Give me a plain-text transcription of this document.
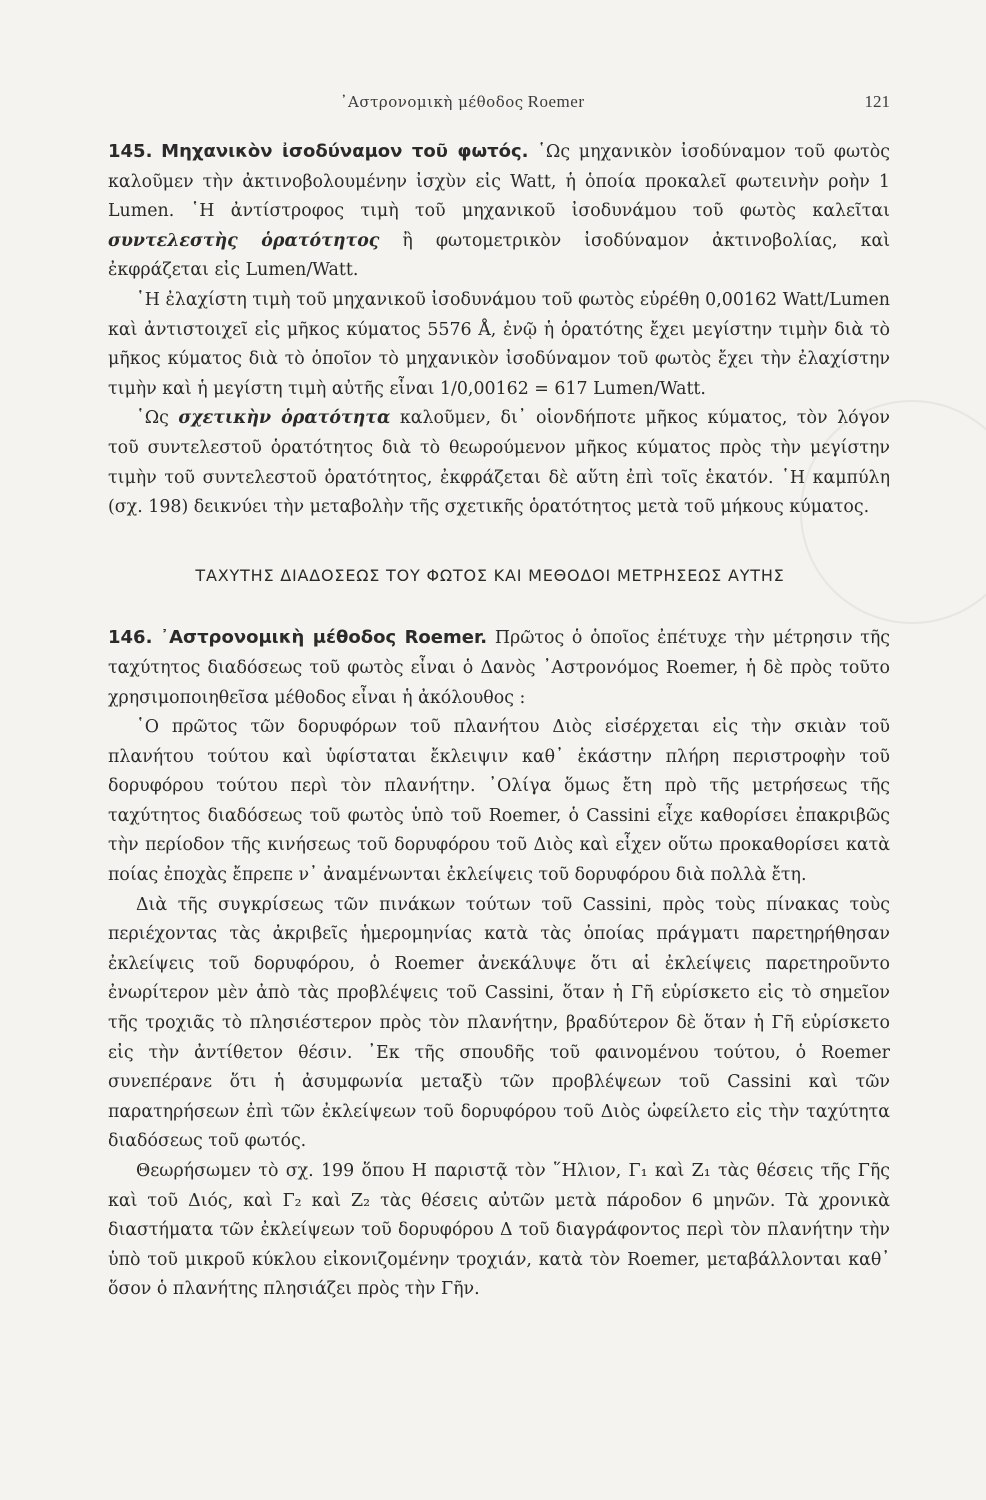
᾽Αστρονομικὴ μέθοδος Roemer	121

145. Μηχανικὸν ἰσοδύναμον τοῦ φωτός. ῾Ως μηχανικὸν ἰσοδύναμον τοῦ φωτὸς καλοῦμεν τὴν ἀκτινοβολουμένην ἰσχὺν εἰς Watt, ἡ ὁποία προκαλεῖ φωτεινὴν ροὴν 1 Lumen. ῾Η ἀντίστροφος τιμὴ τοῦ μηχανικοῦ ἰσοδυνάμου τοῦ φωτὸς καλεῖται συντελεστὴς ὁρατότητος ἢ φωτομετρικὸν ἰσοδύναμον ἀκτινοβολίας, καὶ ἐκφράζεται εἰς Lumen/Watt.

῾Η ἐλαχίστη τιμὴ τοῦ μηχανικοῦ ἰσοδυνάμου τοῦ φωτὸς εὑρέθη 0,00162 Watt/Lumen καὶ ἀντιστοιχεῖ εἰς μῆκος κύματος 5576 Å, ἐνῷ ἡ ὁρατότης ἔχει μεγίστην τιμὴν διὰ τὸ μῆκος κύματος διὰ τὸ ὁποῖον τὸ μηχανικὸν ἰσοδύναμον τοῦ φωτὸς ἔχει τὴν ἐλαχίστην τιμὴν καὶ ἡ μεγίστη τιμὴ αὐτῆς εἶναι 1/0,00162 = 617 Lumen/Watt.

῾Ως σχετικὴν ὁρατότητα καλοῦμεν, δι᾽ οἱονδήποτε μῆκος κύματος, τὸν λόγον τοῦ συντελεστοῦ ὁρατότητος διὰ τὸ θεωρούμενον μῆκος κύματος πρὸς τὴν μεγίστην τιμὴν τοῦ συντελεστοῦ ὁρατότητος, ἐκφράζεται δὲ αὕτη ἐπὶ τοῖς ἑκατόν. ῾Η καμπύλη (σχ. 198) δεικνύει τὴν μεταβολὴν τῆς σχετικῆς ὁρατότητος μετὰ τοῦ μήκους κύματος.

ΤΑΧΥΤΗΣ ΔΙΑΔΟΣΕΩΣ ΤΟΥ ΦΩΤΟΣ ΚΑΙ ΜΕΘΟΔΟΙ ΜΕΤΡΗΣΕΩΣ ΑΥΤΗΣ

146. ᾽Αστρονομικὴ μέθοδος Roemer. Πρῶτος ὁ ὁποῖος ἐπέτυχε τὴν μέτρησιν τῆς ταχύτητος διαδόσεως τοῦ φωτὸς εἶναι ὁ Δανὸς ᾽Αστρονόμος Roemer, ἡ δὲ πρὸς τοῦτο χρησιμοποιηθεῖσα μέθοδος εἶναι ἡ ἀκόλουθος :

῾Ο πρῶτος τῶν δορυφόρων τοῦ πλανήτου Διὸς εἰσέρχεται εἰς τὴν σκιὰν τοῦ πλανήτου τούτου καὶ ὑφίσταται ἔκλειψιν καθ᾽ ἑκάστην πλήρη περιστροφὴν τοῦ δορυφόρου τούτου περὶ τὸν πλανήτην. ᾽Ολίγα ὅμως ἔτη πρὸ τῆς μετρήσεως τῆς ταχύτητος διαδόσεως τοῦ φωτὸς ὑπὸ τοῦ Roemer, ὁ Cassini εἶχε καθορίσει ἐπακριβῶς τὴν περίοδον τῆς κινήσεως τοῦ δορυφόρου τοῦ Διὸς καὶ εἶχεν οὕτω προκαθορίσει κατὰ ποίας ἐποχὰς ἔπρεπε ν᾽ ἀναμένωνται ἐκλείψεις τοῦ δορυφόρου διὰ πολλὰ ἔτη.

Διὰ τῆς συγκρίσεως τῶν πινάκων τούτων τοῦ Cassini, πρὸς τοὺς πίνακας τοὺς περιέχοντας τὰς ἀκριβεῖς ἡμερομηνίας κατὰ τὰς ὁποίας πράγματι παρετηρήθησαν ἐκλείψεις τοῦ δορυφόρου, ὁ Roemer ἀνεκάλυψε ὅτι αἱ ἐκλείψεις παρετηροῦντο ἐνωρίτερον μὲν ἀπὸ τὰς προβλέψεις τοῦ Cassini, ὅταν ἡ Γῆ εὑρίσκετο εἰς τὸ σημεῖον τῆς τροχιᾶς τὸ πλησιέστερον πρὸς τὸν πλανήτην, βραδύτερον δὲ ὅταν ἡ Γῆ εὑρίσκετο εἰς τὴν ἀντίθετον θέσιν. ᾽Εκ τῆς σπουδῆς τοῦ φαινομένου τούτου, ὁ Roemer συνεπέρανε ὅτι ἡ ἀσυμφωνία μεταξὺ τῶν προβλέψεων τοῦ Cassini καὶ τῶν παρατηρήσεων ἐπὶ τῶν ἐκλείψεων τοῦ δορυφόρου τοῦ Διὸς ὠφείλετο εἰς τὴν ταχύτητα διαδόσεως τοῦ φωτός.

Θεωρήσωμεν τὸ σχ. 199 ὅπου Η παριστᾷ τὸν ῞Ηλιον, Γ₁ καὶ Ζ₁ τὰς θέσεις τῆς Γῆς καὶ τοῦ Διός, καὶ Γ₂ καὶ Ζ₂ τὰς θέσεις αὐτῶν μετὰ πάροδον 6 μηνῶν. Τὰ χρονικὰ διαστήματα τῶν ἐκλείψεων τοῦ δορυφόρου Δ τοῦ διαγράφοντος περὶ τὸν πλανήτην τὴν ὑπὸ τοῦ μικροῦ κύκλου εἰκονιζομένην τροχιάν, κατὰ τὸν Roemer, μεταβάλλονται καθ᾽ ὅσον ὁ πλανήτης πλησιάζει πρὸς τὴν Γῆν.
